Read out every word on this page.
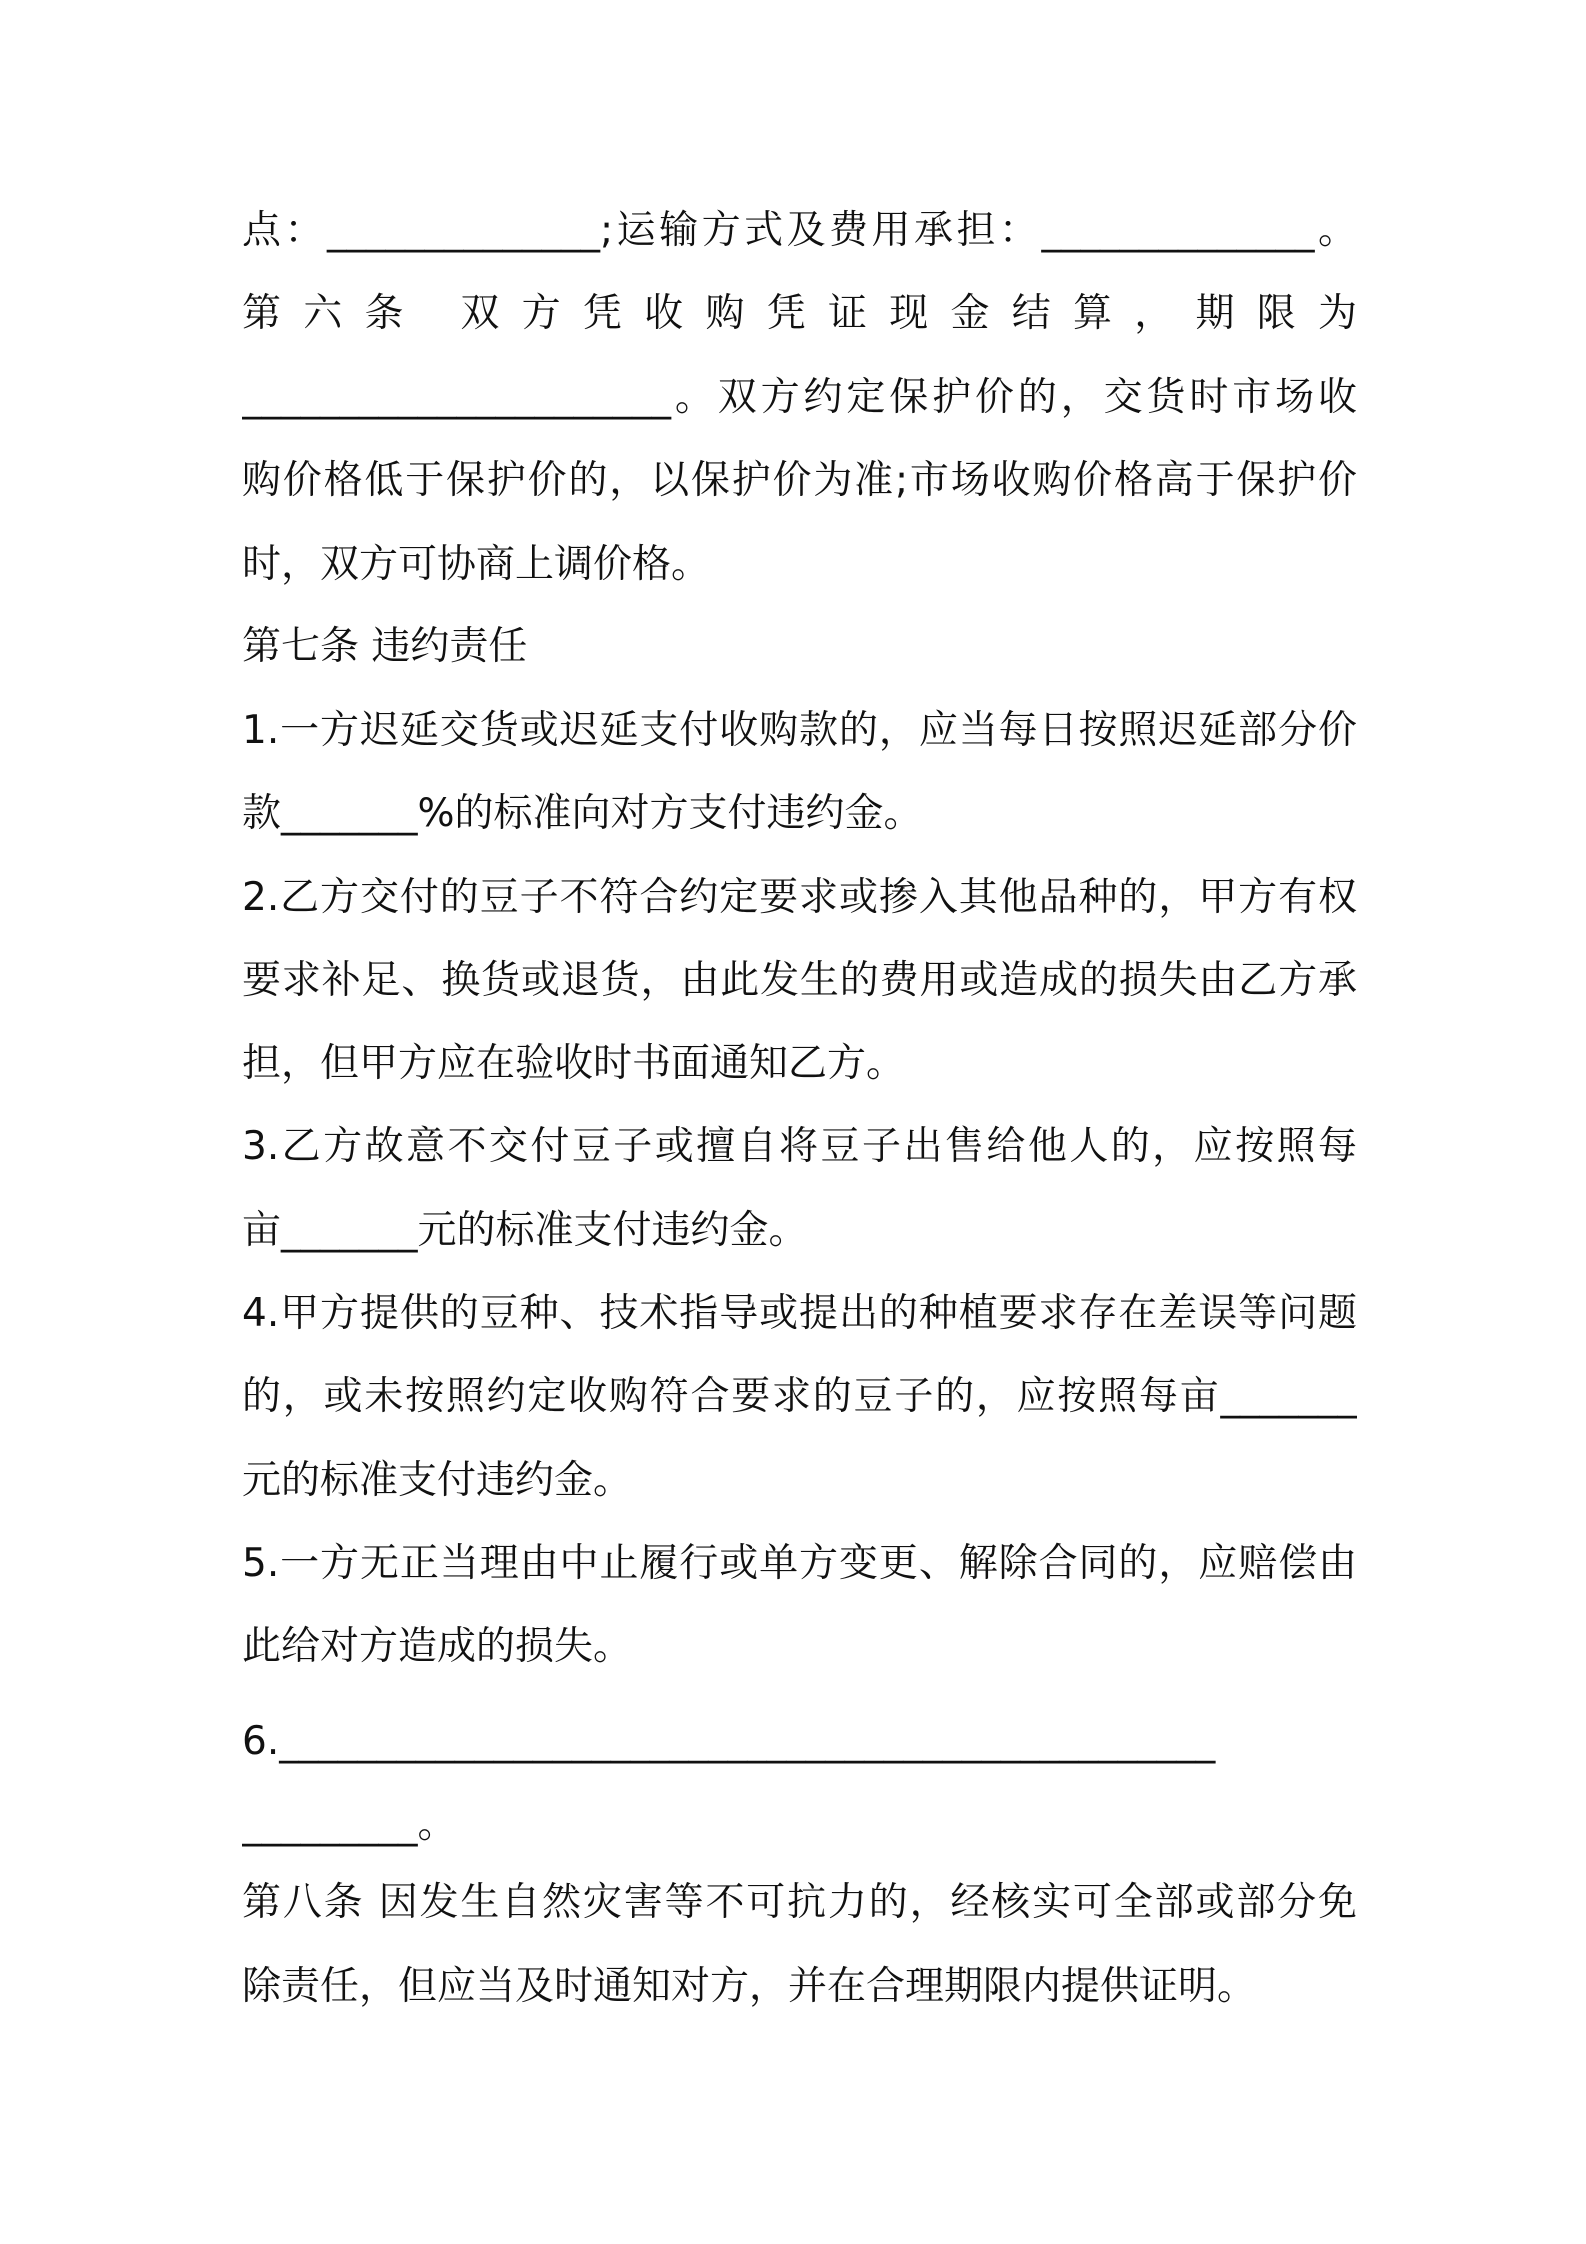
点：______________;运输方式及费用承担：______________。

第六条 双方凭收购凭证现金结算，期限为

______________________。双方约定保护价的，交货时市场收

购价格低于保护价的，以保护价为准;市场收购价格高于保护价

时，双方可协商上调价格。

第七条 违约责任

1.一方迟延交货或迟延支付收购款的，应当每日按照迟延部分价

款_______%的标准向对方支付违约金。

2.乙方交付的豆子不符合约定要求或掺入其他品种的，甲方有权

要求补足、换货或退货，由此发生的费用或造成的损失由乙方承

担，但甲方应在验收时书面通知乙方。

3.乙方故意不交付豆子或擅自将豆子出售给他人的，应按照每

亩_______元的标准支付违约金。

4.甲方提供的豆种、技术指导或提出的种植要求存在差误等问题

的，或未按照约定收购符合要求的豆子的，应按照每亩_______

元的标准支付违约金。

5.一方无正当理由中止履行或单方变更、解除合同的，应赔偿由

此给对方造成的损失。

6.________________________________________________

_________。

第八条 因发生自然灾害等不可抗力的，经核实可全部或部分免

除责任，但应当及时通知对方，并在合理期限内提供证明。
